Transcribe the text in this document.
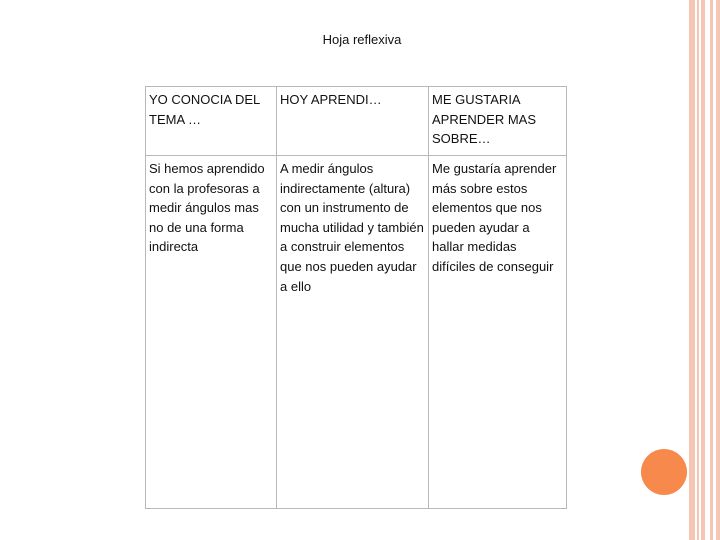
Hoja reflexiva
YO CONOCIA DEL TEMA …	HOY APRENDI…	ME GUSTARIA APRENDER MAS SOBRE…
Si hemos aprendido con la profesoras a medir ángulos mas no de una forma indirecta	A medir ángulos indirectamente (altura) con un instrumento de mucha utilidad y también a construir elementos que nos pueden ayudar a ello	Me gustaría aprender más sobre estos elementos que nos pueden ayudar a hallar medidas difíciles de conseguir
